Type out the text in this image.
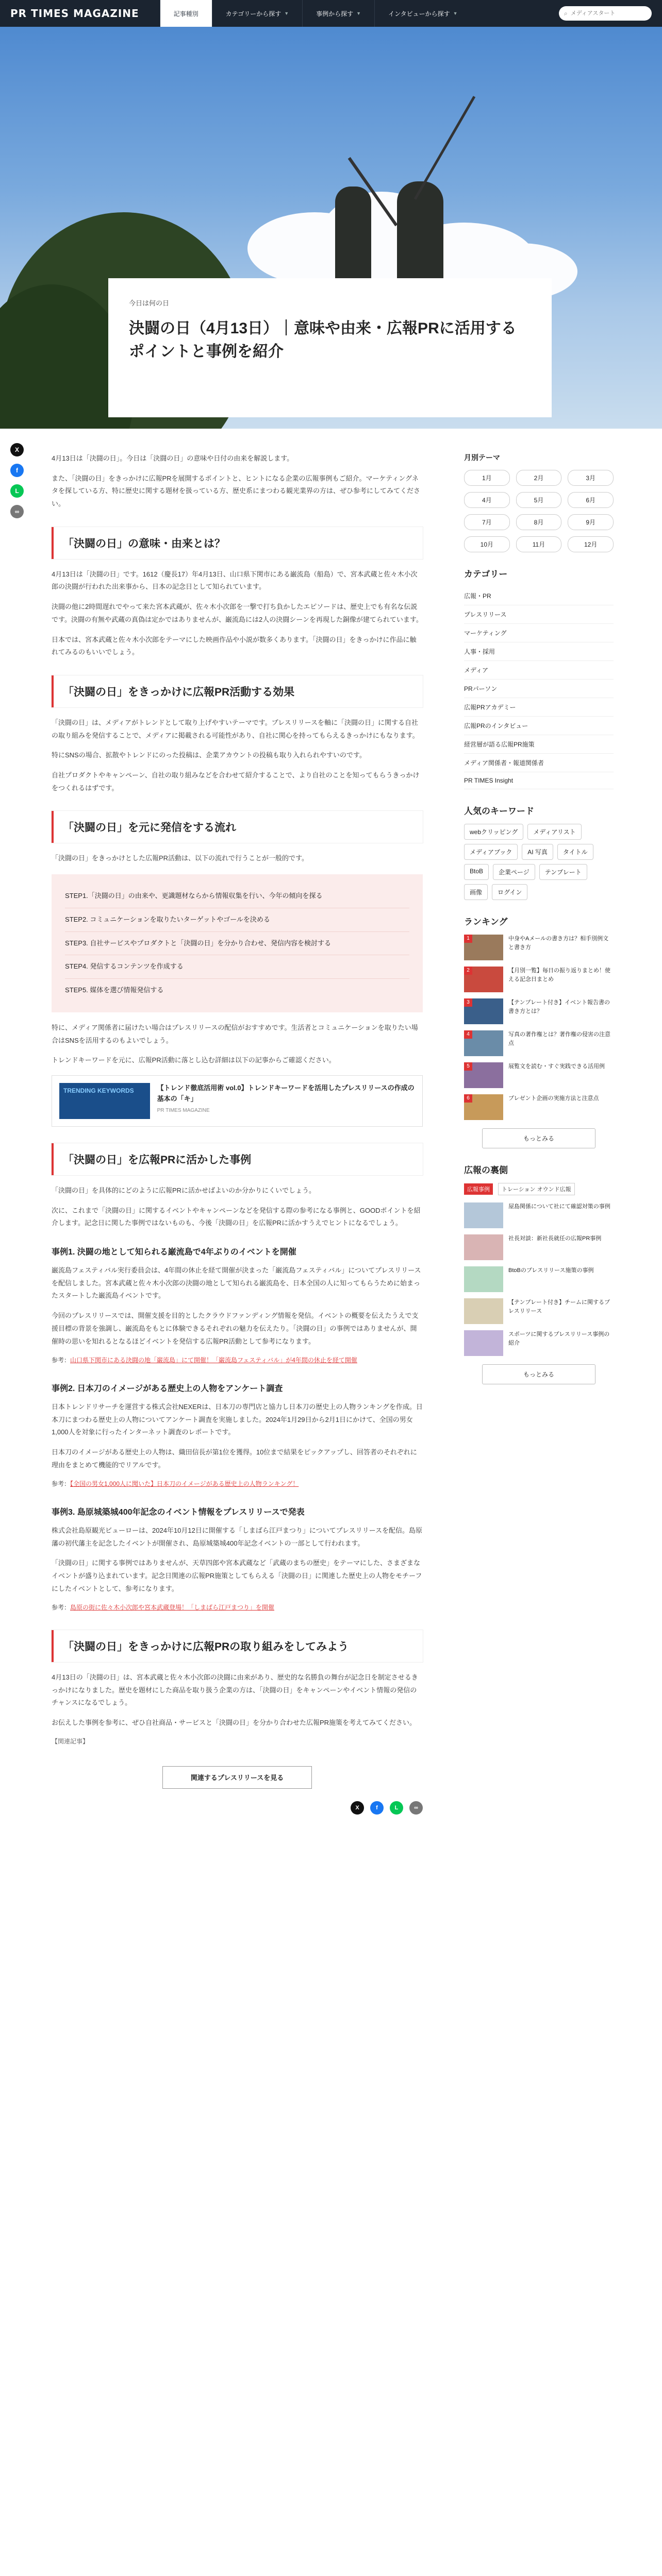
PR TIMES MAGAZINE	記事種別	カテゴリーから探す ▼	事例から探す ▼	インタビューから探す ▼	⌕
メディアスタート
今日は何の日
決闘の日（4月13日）｜意味や由来・広報PRに活用するポイントと事例を紹介
X
f
L
∞

4月13日は「決闘の日」。今日は「決闘の日」の意味や日付の由来を解説します。

また、「決闘の日」をきっかけに広報PRを展開するポイントと、ヒントになる企業の広報事例もご紹介。マーケティングネタを探している方、特に歴史に関する題材を扱っている方、歴史系にまつわる観光業界の方は、ぜひ参考にしてみてください。

「決闘の日」の意味・由来とは？

4月13日は「決闘の日」です。1612（慶長17）年4月13日、山口県下関市にある巌流島（船島）で、宮本武蔵と佐々木小次郎の決闘が行われた出来事から、日本の記念日として知られています。

決闘の他に2時間遅れでやって来た宮本武蔵が、佐々木小次郎を一撃で打ち負かしたエピソードは、歴史上でも有名な伝説です。決闘の有無や武蔵の真偽は定かではありませんが、巌流島には2人の決闘シーンを再現した銅像が建てられています。

日本では、宮本武蔵と佐々木小次郎をテーマにした映画作品や小説が数多くあります。「決闘の日」をきっかけに作品に触れてみるのもいいでしょう。

「決闘の日」をきっかけに広報PR活動する効果

「決闘の日」は、メディアがトレンドとして取り上げやすいテーマです。プレスリリースを軸に「決闘の日」に関する自社の取り組みを発信することで、メディアに掲載される可能性があり、自社に関心を持ってもらえるきっかけにもなります。

特にSNSの場合、拡散やトレンドにのった投稿は、企業アカウントの投稿も取り入れられやすいのです。

自社プロダクトやキャンペーン、自社の取り組みなどを合わせて紹介することで、より自社のことを知ってもらうきっかけをつくれるはずです。

「決闘の日」を元に発信をする流れ

「決闘の日」をきっかけとした広報PR活動は、以下の流れで行うことが一般的です。

STEP1.「決闘の日」の由来や、更識題材ならから情報収集を行い、今年の傾向を探る
STEP2. コミュニケーションを取りたいターゲットやゴールを決める
STEP3. 自社サービスやプロダクトと「決闘の日」を分かり合わせ、発信内容を検討する
STEP4. 発信するコンテンツを作成する
STEP5. 媒体を選び情報発信する

特に、メディア関係者に届けたい場合はプレスリリースの配信がおすすめです。生活者とコミュニケーションを取りたい場合はSNSを活用するのもよいでしょう。

トレンドキーワードを元に、広報PR活動に落とし込む詳細は以下の記事からご確認ください。

TRENDING KEYWORDS	【トレンド徹底活用術 vol.0】トレンドキーワードを活用したプレスリリースの作成の基本の「キ」
PR TIMES MAGAZINE
「決闘の日」を広報PRに活かした事例

「決闘の日」を具体的にどのように広報PRに活かせばよいのか分かりにくいでしょう。

次に、これまで「決闘の日」に関するイベントやキャンペーンなどを発信する際の参考になる事例と、GOODポイントを紹介します。記念日に関した事例ではないものも、今後「決闘の日」を広報PRに活かすうえでヒントになるでしょう。

事例1. 決闘の地として知られる巌流島で4年ぶりのイベントを開催

巌流島フェスティバル実行委員会は、4年間の休止を経て開催が決まった「巌流島フェスティバル」についてプレスリリースを配信しました。宮本武蔵と佐々木小次郎の決闘の地として知られる巌流島を、日本全国の人に知ってもらうために始まったスタートした巌流島イベントです。

今回のプレスリリースでは、開催支援を目的としたクラウドファンディング情報を発信。イベントの概要を伝えたうえで支援目標の背景を強調し、巌流島をもとに体験できるそれぞれの魅力を伝えたり。「決闘の日」の事例ではありませんが、開催時の思いを知れるとなるほどイベントを発信する広報PR活動として参考になります。

参考：山口県下関市にある決闘の地「巌流島」にて開催！「巌流島フェスティバル」が4年間の休止を経て開催
事例2. 日本刀のイメージがある歴史上の人物をアンケート調査

日本トレンドリサーチを運営する株式会社NEXERは、日本刀の専門店と協力し日本刀の歴史上の人物ランキングを作成。日本刀にまつわる歴史上の人物についてアンケート調査を実施しました。2024年1月29日から2月1日にかけて、全国の男女1,000人を対象に行ったインターネット調査のレポートです。

日本刀のイメージがある歴史上の人物は、織田信長が第1位を獲得。10位まで結果をピックアップし、回答者のそれぞれに理由をまとめて機能的でリアルです。

参考：【全国の男女1,000人に聞いた】日本刀のイメージがある歴史上の人物ランキング！
事例3. 島原城築城400年記念のイベント情報をプレスリリースで発表

株式会社島原観光ビューローは、2024年10月12日に開催する「しまばら江戸まつり」についてプレスリリースを配信。島原藩の初代藩主を記念したイベントが開催され、島原城築城400年記念イベントの一部として行われます。

「決闘の日」に関する事例ではありませんが、天草四郎や宮本武蔵など「武蔵のまちの歴史」をテーマにした、さまざまなイベントが盛り込まれています。記念日関連の広報PR施策としてもらえる「決闘の日」に関連した歴史上の人物をモチーフにしたイベントとして、参考になります。

参考：島原の街に佐々木小次郎や宮本武蔵登場！「しまばら江戸まつり」を開催
「決闘の日」をきっかけに広報PRの取り組みをしてみよう

4月13日の「決闘の日」は、宮本武蔵と佐々木小次郎の決闘に由来があり、歴史的な名勝負の舞台が記念日を制定させるきっかけになりました。歴史を題材にした商品を取り扱う企業の方は、「決闘の日」をキャンペーンやイベント情報の発信のチャンスになるでしょう。

お伝えした事例を参考に、ぜひ自社商品・サービスと「決闘の日」を分かり合わせた広報PR施策を考えてみてください。

【関連記事】
関連するプレスリリースを見る
X	f	L	∞
月別テーマ
1月	2月	3月
4月	5月	6月
7月	8月	9月
10月	11月	12月
カテゴリー
広報・PR
プレスリリース
マーケティング
人事・採用
メディア
PRパーソン
広報PRアカデミー
広報PRのインタビュー
経営層が語る広報PR施策
メディア関係者・報道関係者
PR TIMES Insight
人気のキーワード
webクリッピング	メディアリスト
メディアブック	AI 写真	タイトル
BtoB	企業ページ	テンプレート
画像	ログイン
ランキング
1	中身やAメールの書き方は？相手別例文と書き方
2	【月別一覧】毎日の振り返りまとめ！使える記念日まとめ
3	【テンプレート付き】イベント報告書の書き方とは？
4	写真の著作権とは？著作権の侵害の注意点
5	展覧文を読む・すぐ実践できる活用例
6	プレゼント企画の実施方法と注意点
もっとみる
広報の裏側
広報事例	トレーション オウンド広報
屋島関係について社にて確認対策の事例
社長対談：新社長就任の広報PR事例
BtoBのプレスリリース施策の事例
【テンプレート付き】チームに関するプレスリリース
スポーツに関するプレスリリース事例の紹介
もっとみる
